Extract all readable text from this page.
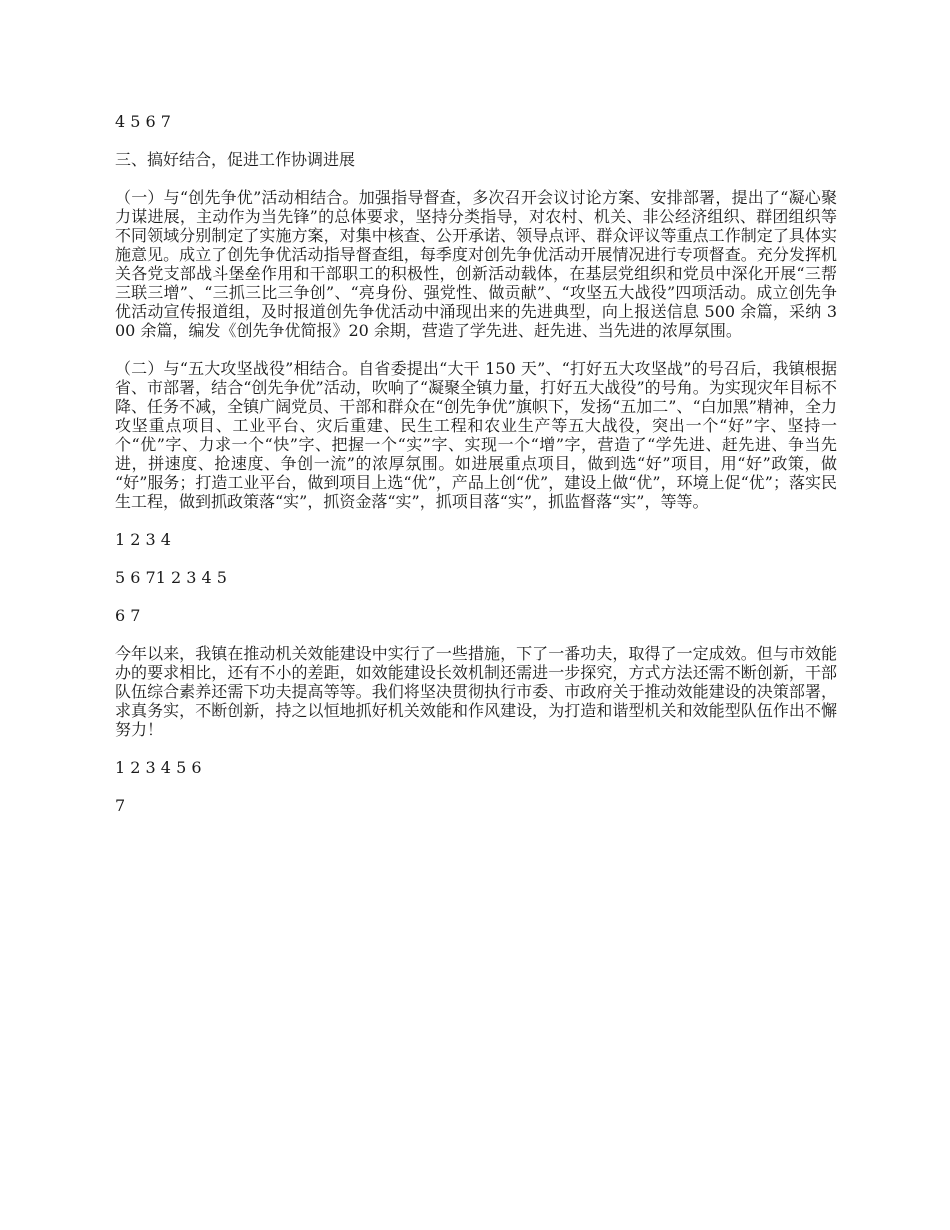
4 5 6 7

三、搞好结合，促进工作协调进展

（一）与“创先争优”活动相结合。加强指导督查，多次召开会议讨论方案、安排部署，提出了“凝心聚力谋进展，主动作为当先锋”的总体要求，坚持分类指导，对农村、机关、非公经济组织、群团组织等不同领域分别制定了实施方案，对集中核查、公开承诺、领导点评、群众评议等重点工作制定了具体实施意见。成立了创先争优活动指导督查组，每季度对创先争优活动开展情况进行专项督查。充分发挥机关各党支部战斗堡垒作用和干部职工的积极性，创新活动载体，在基层党组织和党员中深化开展“三帮三联三增”、“三抓三比三争创”、“亮身份、强党性、做贡献”、“攻坚五大战役”四项活动。成立创先争优活动宣传报道组，及时报道创先争优活动中涌现出来的先进典型，向上报送信息 500 余篇，采纳 300 余篇，编发《创先争优简报》20 余期，营造了学先进、赶先进、当先进的浓厚氛围。

（二）与“五大攻坚战役”相结合。自省委提出“大干 150 天”、“打好五大攻坚战”的号召后，我镇根据省、市部署，结合“创先争优”活动，吹响了“凝聚全镇力量，打好五大战役”的号角。为实现灾年目标不降、任务不减，全镇广阔党员、干部和群众在“创先争优”旗帜下，发扬“五加二”、“白加黑”精神，全力攻坚重点项目、工业平台、灾后重建、民生工程和农业生产等五大战役，突出一个“好”字、坚持一个“优”字、力求一个“快”字、把握一个“实”字、实现一个“增”字，营造了“学先进、赶先进、争当先进，拼速度、抢速度、争创一流”的浓厚氛围。如进展重点项目，做到选“好”项目，用“好”政策，做 “好”服务；打造工业平台，做到项目上选“优”，产品上创“优”，建设上做“优”，环境上促“优”；落实民生工程，做到抓政策落“实”，抓资金落“实”，抓项目落“实”，抓监督落“实”，等等。

1 2 3 4

5 6 71 2 3 4 5

6 7

今年以来，我镇在推动机关效能建设中实行了一些措施，下了一番功夫，取得了一定成效。但与市效能办的要求相比，还有不小的差距，如效能建设长效机制还需进一步探究，方式方法还需不断创新，干部队伍综合素养还需下功夫提高等等。我们将坚决贯彻执行市委、市政府关于推动效能建设的决策部署，求真务实，不断创新，持之以恒地抓好机关效能和作风建设，为打造和谐型机关和效能型队伍作出不懈努力！

1 2 3 4 5 6

7
